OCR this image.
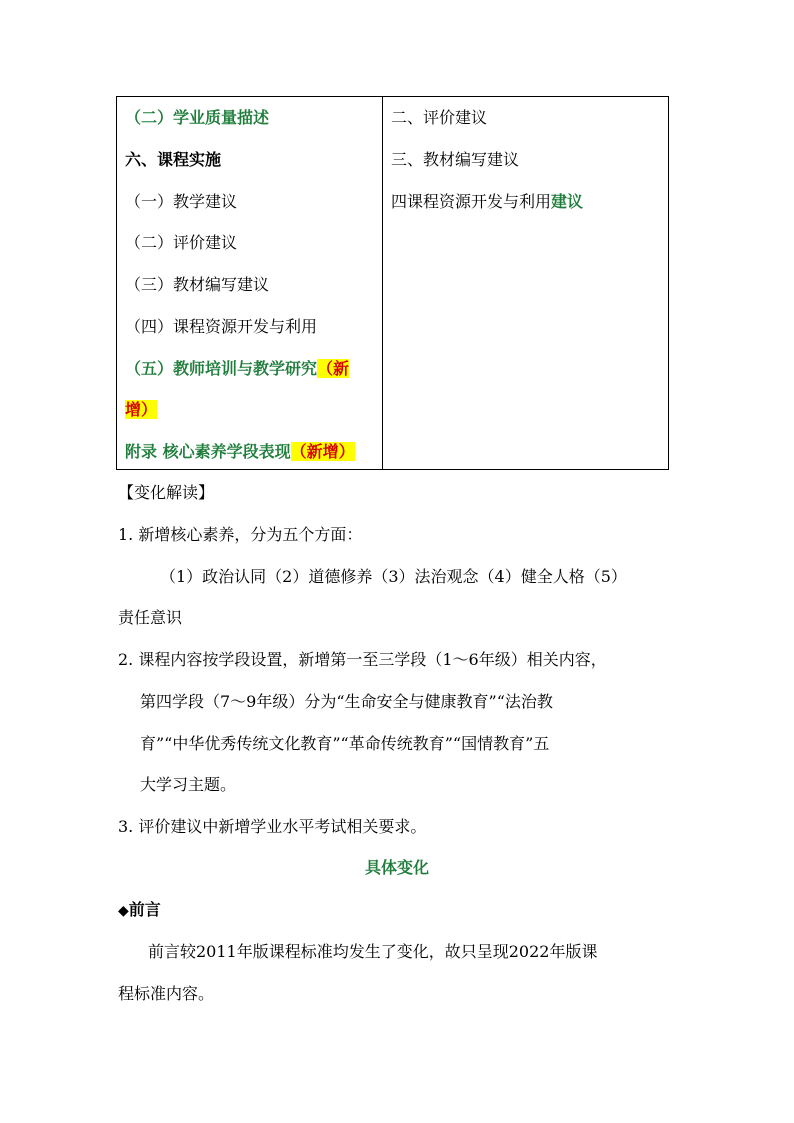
（二）学业质量描述
六、课程实施
（一）教学建议
（二）评价建议
（三）教材编写建议
（四）课程资源开发与利用
（五）教师培训与教学研究（新
增）
附录 核心素养学段表现（新增）
二、评价建议
三、教材编写建议
四课程资源开发与利用建议
【变化解读】
1. 新增核心素养，分为五个方面：
（1）政治认同（2）道德修养（3）法治观念（4）健全人格（5）
责任意识
2. 课程内容按学段设置，新增第一至三学段（1～6年级）相关内容，
第四学段（7～9年级）分为“生命安全与健康教育”“法治教
育”“中华优秀传统文化教育”“革命传统教育”“国情教育”五
大学习主题。
3. 评价建议中新增学业水平考试相关要求。
具体变化
◆前言
前言较2011年版课程标准均发生了变化，故只呈现2022年版课
程标准内容。
